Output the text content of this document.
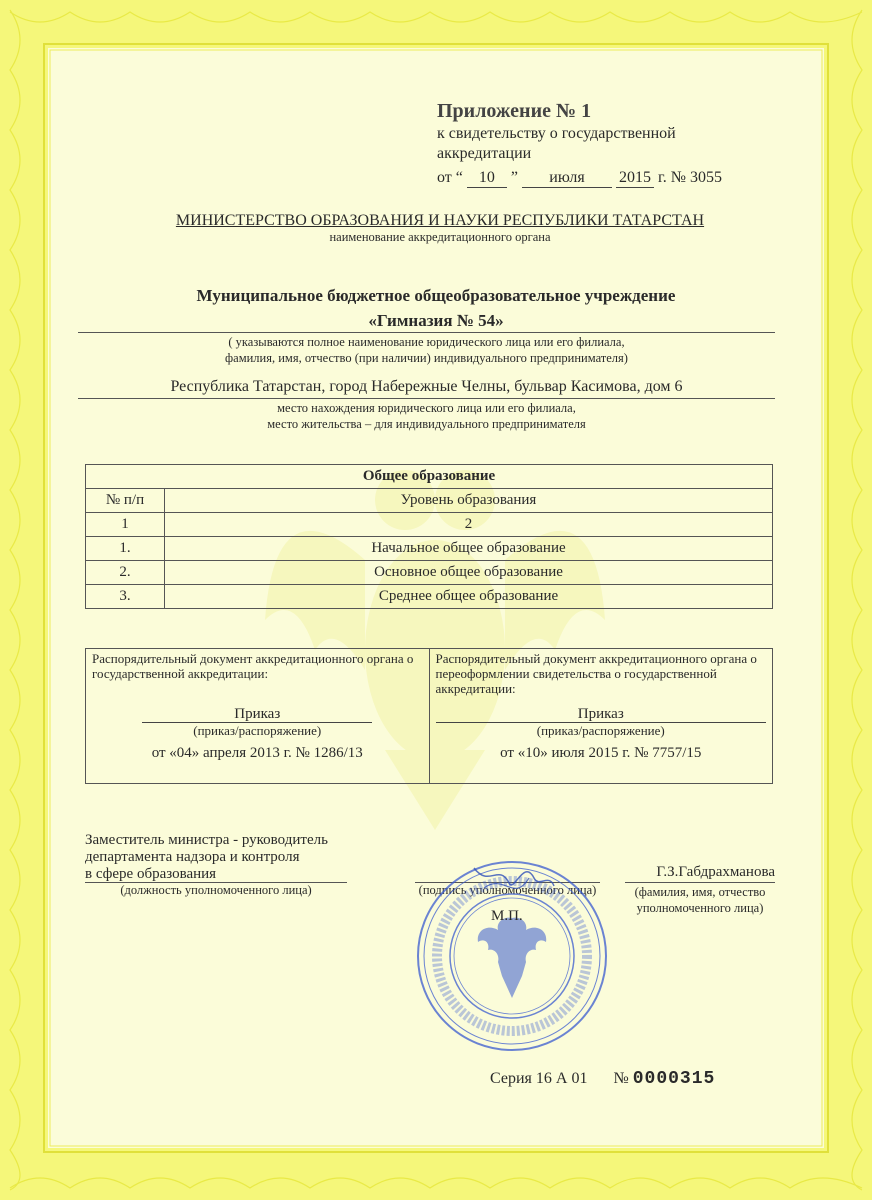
Приложение № 1
к свидетельству о государственной
аккредитации
от “ 10 ” июля 2015 г. № 3055
МИНИСТЕРСТВО ОБРАЗОВАНИЯ И НАУКИ РЕСПУБЛИКИ ТАТАРСТАН
наименование аккредитационного органа
Муниципальное бюджетное общеобразовательное учреждение
«Гимназия № 54»
( указываются полное наименование юридического лица или его филиала,
фамилия, имя, отчество (при наличии) индивидуального предпринимателя)
Республика Татарстан, город Набережные Челны, бульвар Касимова, дом 6
место нахождения юридического лица или его филиала,
место жительства – для индивидуального предпринимателя
Общее образование	
№ п/п	Уровень образования
1	2
1.	Начальное общее образование
2.	Основное общее образование
3.	Среднее общее образование
Распорядительный документ аккредитационного органа о государственной аккредитации:
Приказ
(приказ/распоряжение)
от «04» апреля 2013 г. № 1286/13

Распорядительный документ аккредитационного органа о переоформлении свидетельства о государственной аккредитации:
Приказ
(приказ/распоряжение)
от «10» июля 2015 г. № 7757/15
Заместитель министра - руководитель
департамента надзора и контроля
в сфере образования
(должность уполномоченного лица)	(подпись уполномоченного лица)
М.П.
Г.З.Габдрахманова
(фамилия, имя, отчество
уполномоченного лица)
Серия 16 А 01 № 0000315
